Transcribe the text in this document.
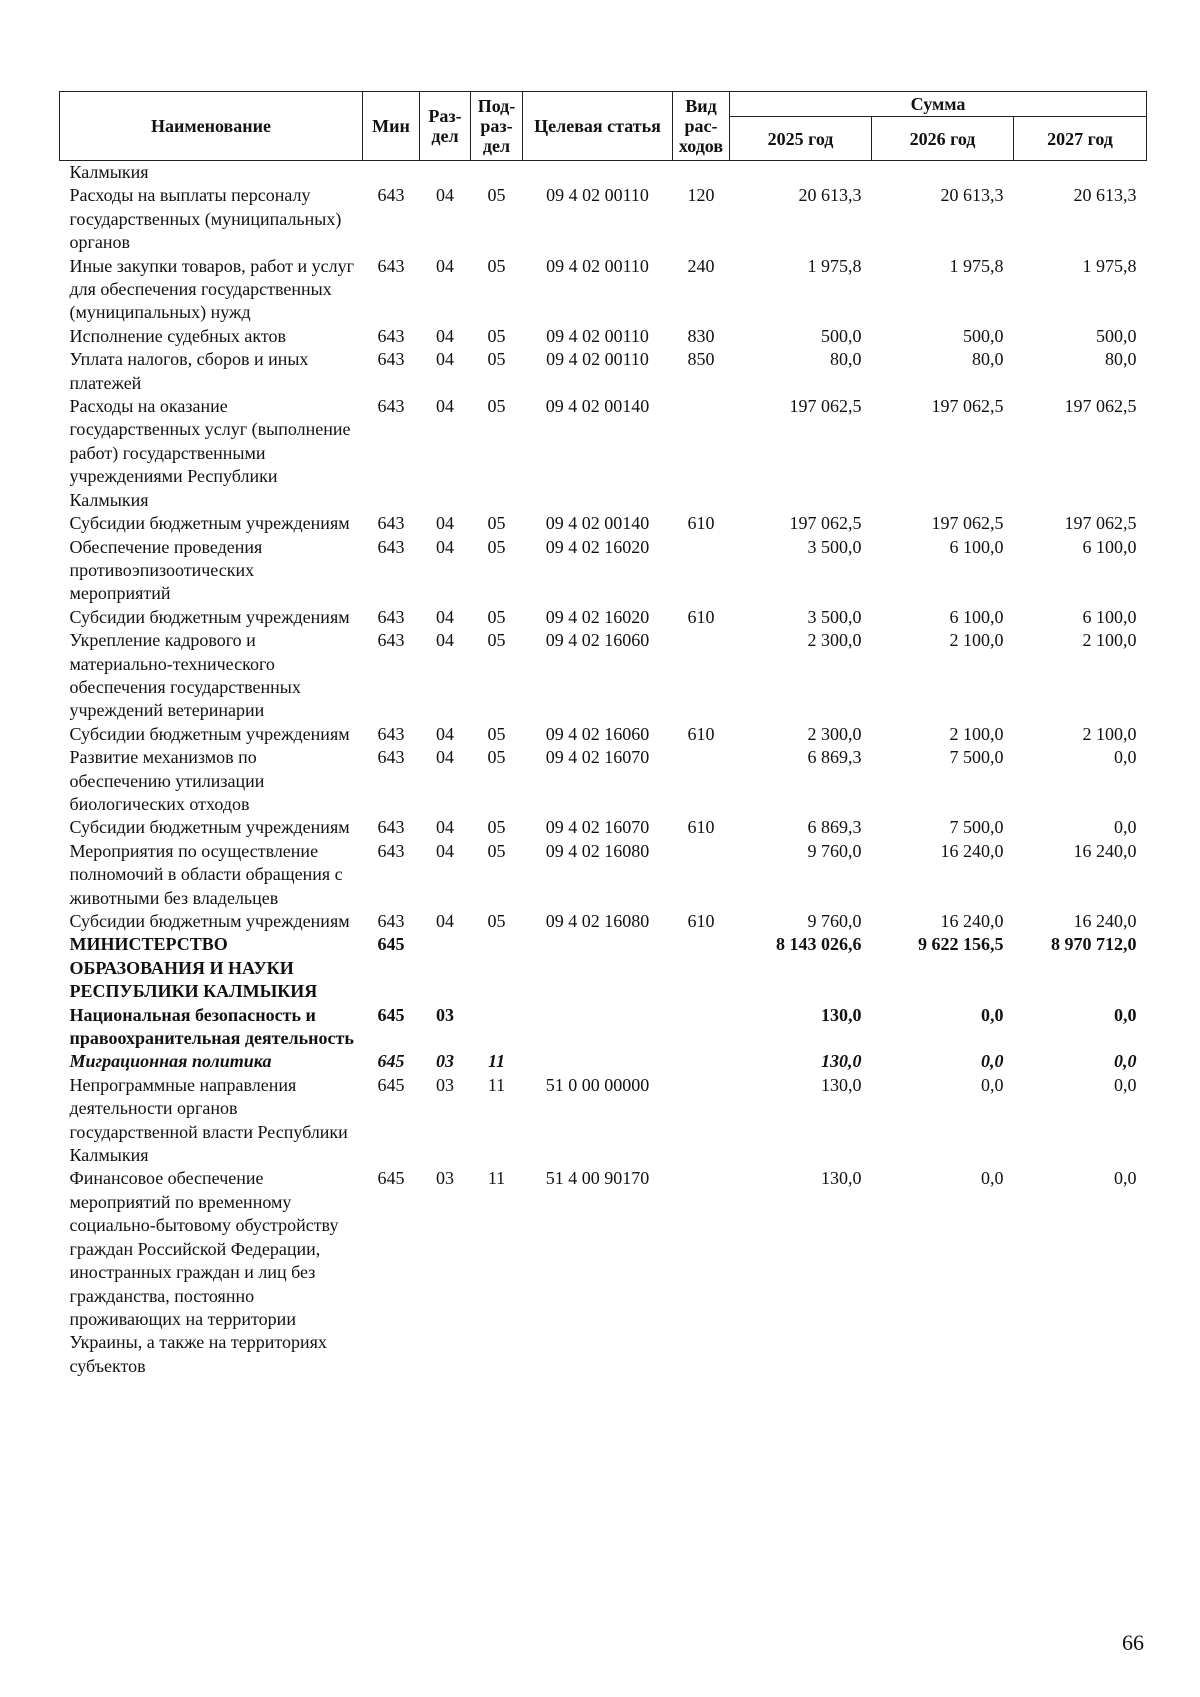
Наименование	Мин	Раз-дел	Под-раз-дел	Целевая статья	Вид рас-ходов	Сумма		
						2025 год	2026 год	2027 год
Калмыкия								
Расходы на выплаты персоналу государственных (муниципальных) органов	643	04	05	09 4 02 00110	120	20 613,3	20 613,3	20 613,3
Иные закупки товаров, работ и услуг для обеспечения государственных (муниципальных) нужд	643	04	05	09 4 02 00110	240	1 975,8	1 975,8	1 975,8
Исполнение судебных актов	643	04	05	09 4 02 00110	830	500,0	500,0	500,0
Уплата налогов, сборов и иных платежей	643	04	05	09 4 02 00110	850	80,0	80,0	80,0
Расходы на оказание государственных услуг (выполнение работ) государственными учреждениями Республики Калмыкия	643	04	05	09 4 02 00140		197 062,5	197 062,5	197 062,5
Субсидии бюджетным учреждениям	643	04	05	09 4 02 00140	610	197 062,5	197 062,5	197 062,5
Обеспечение проведения противоэпизоотических мероприятий	643	04	05	09 4 02 16020		3 500,0	6 100,0	6 100,0
Субсидии бюджетным учреждениям	643	04	05	09 4 02 16020	610	3 500,0	6 100,0	6 100,0
Укрепление кадрового и материально-технического обеспечения государственных учреждений ветеринарии	643	04	05	09 4 02 16060		2 300,0	2 100,0	2 100,0
Субсидии бюджетным учреждениям	643	04	05	09 4 02 16060	610	2 300,0	2 100,0	2 100,0
Развитие механизмов по обеспечению утилизации биологических отходов	643	04	05	09 4 02 16070		6 869,3	7 500,0	0,0
Субсидии бюджетным учреждениям	643	04	05	09 4 02 16070	610	6 869,3	7 500,0	0,0
Мероприятия по осуществление полномочий в области обращения с животными без владельцев	643	04	05	09 4 02 16080		9 760,0	16 240,0	16 240,0
Субсидии бюджетным учреждениям	643	04	05	09 4 02 16080	610	9 760,0	16 240,0	16 240,0
МИНИСТЕРСТВО ОБРАЗОВАНИЯ И НАУКИ РЕСПУБЛИКИ КАЛМЫКИЯ	645					8 143 026,6	9 622 156,5	8 970 712,0
Национальная безопасность и правоохранительная деятельность	645	03				130,0	0,0	0,0
Миграционная политика	645	03	11			130,0	0,0	0,0
Непрограммные направления деятельности органов государственной власти Республики Калмыкия	645	03	11	51 0 00 00000		130,0	0,0	0,0
Финансовое обеспечение мероприятий по временному социально-бытовому обустройству граждан Российской Федерации, иностранных граждан и лиц без гражданства, постоянно проживающих на территории Украины, а также на территориях субъектов	645	03	11	51 4 00 90170		130,0	0,0	0,0
66
